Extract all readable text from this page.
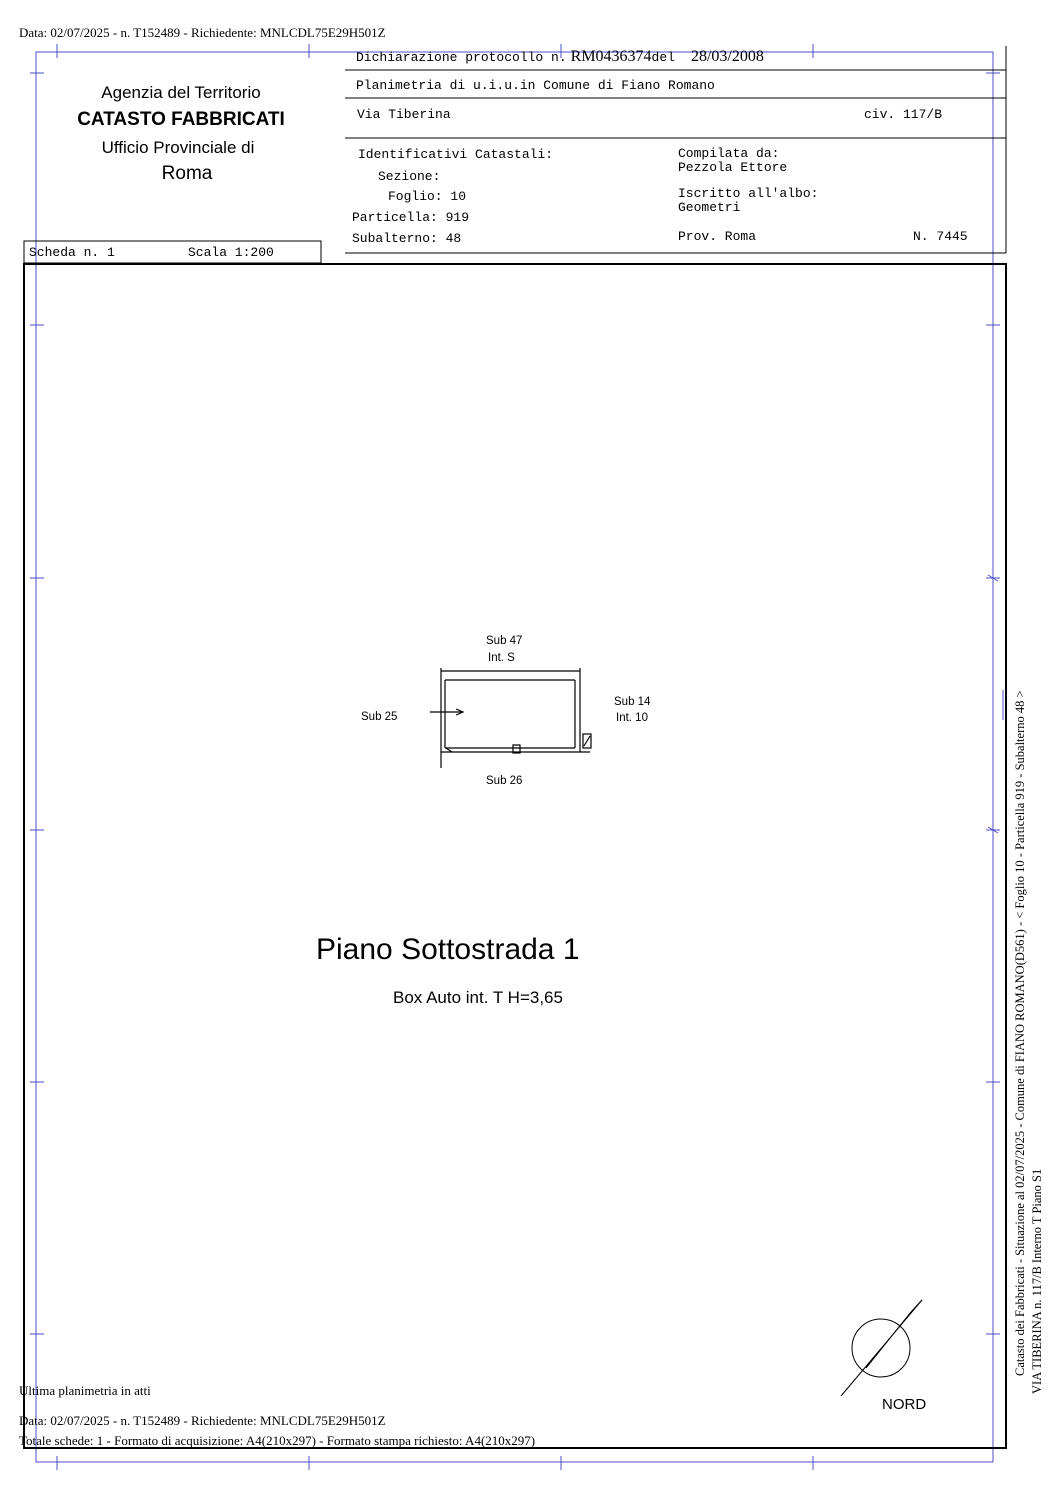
Data: 02/07/2025 - n. T152489 - Richiedente: MNLCDL75E29H501Z
Agenzia del Territorio
CATASTO FABBRICATI
Ufficio Provinciale di
Roma
Dichiarazione protocollo n. RM0436374del 28/03/2008
Planimetria di u.i.u.in Comune di Fiano Romano
Via Tiberina	civ. 117/B
Identificativi Catastali:
Sezione:
Foglio: 10
Particella: 919
Subalterno: 48
Compilata da:
Pezzola Ettore
Iscritto all'albo:
Geometri
Prov. Roma	N. 7445
Scheda n. 1	Scala 1:200
Sub 47
Int. S
Sub 25
Sub 14
Int. 10
Sub 26
Piano Sottostrada 1
Box Auto int. T H=3,65
NORD
Catasto dei Fabbricati - Situazione al 02/07/2025 - Comune di FIANO ROMANO(D561) - < Foglio 10 - Particella 919 - Subalterno 48 > VIA TIBERINA n. 117/B Interno T Piano S1
Ultima planimetria in atti
Data: 02/07/2025 - n. T152489 - Richiedente: MNLCDL75E29H501Z
Totale schede: 1 - Formato di acquisizione: A4(210x297) - Formato stampa richiesto: A4(210x297)
